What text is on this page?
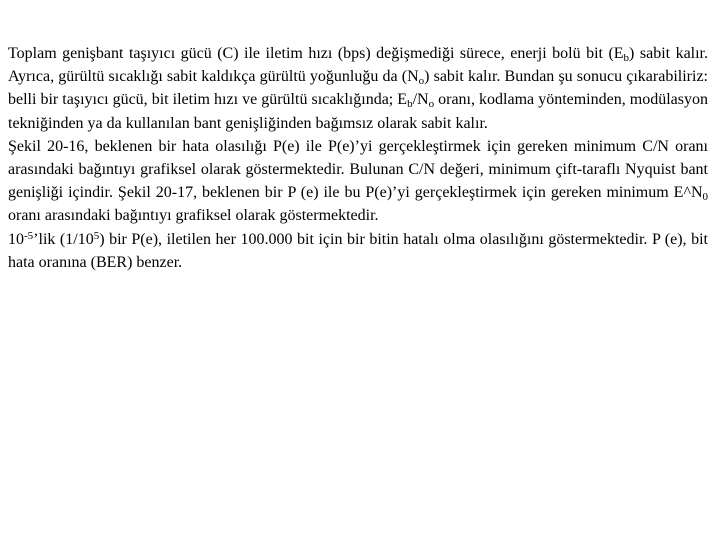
Toplam genişbant taşıyıcı gücü (C) ile iletim hızı (bps) değişmediği sürece, enerji bolü bit $(E_b)$ sabit kalır. Ayrıca, gürültü sıcaklığı sabit kaldıkça gürültü yoğunluğu da $(N_o)$ sabit kalır. Bundan şu sonucu çıkarabiliriz: belli bir taşıyıcı gücü, bit iletim hızı ve gürültü sıcaklığında; $E_b/N_o$ oranı, kodlama yönteminden, modülasyon tekniğinden ya da kullanılan bant genişliğinden bağımsız olarak sabit kalır.

Şekil 20-16, beklenen bir hata olasılığı P(e) ile P(e)’yi gerçekleştirmek için gereken minimum C/N oranı arasındaki bağıntıyı grafiksel olarak göstermektedir. Bulunan C/N değeri, minimum çift-taraflı Nyquist bant genişliği içindir. Şekil 20-17, beklenen bir P (e) ile bu P(e)’yi gerçekleştirmek için gereken minimum $E\^{}N_0$ oranı arasındaki bağıntıyı grafiksel olarak göstermektedir.

$10^{-5}’lik$ $(1/10^5)$ bir P(e), iletilen her 100.000 bit için bir bitin hatalı olma olasılığını göstermektedir. P (e), bit hata oranına (BER) benzer.
